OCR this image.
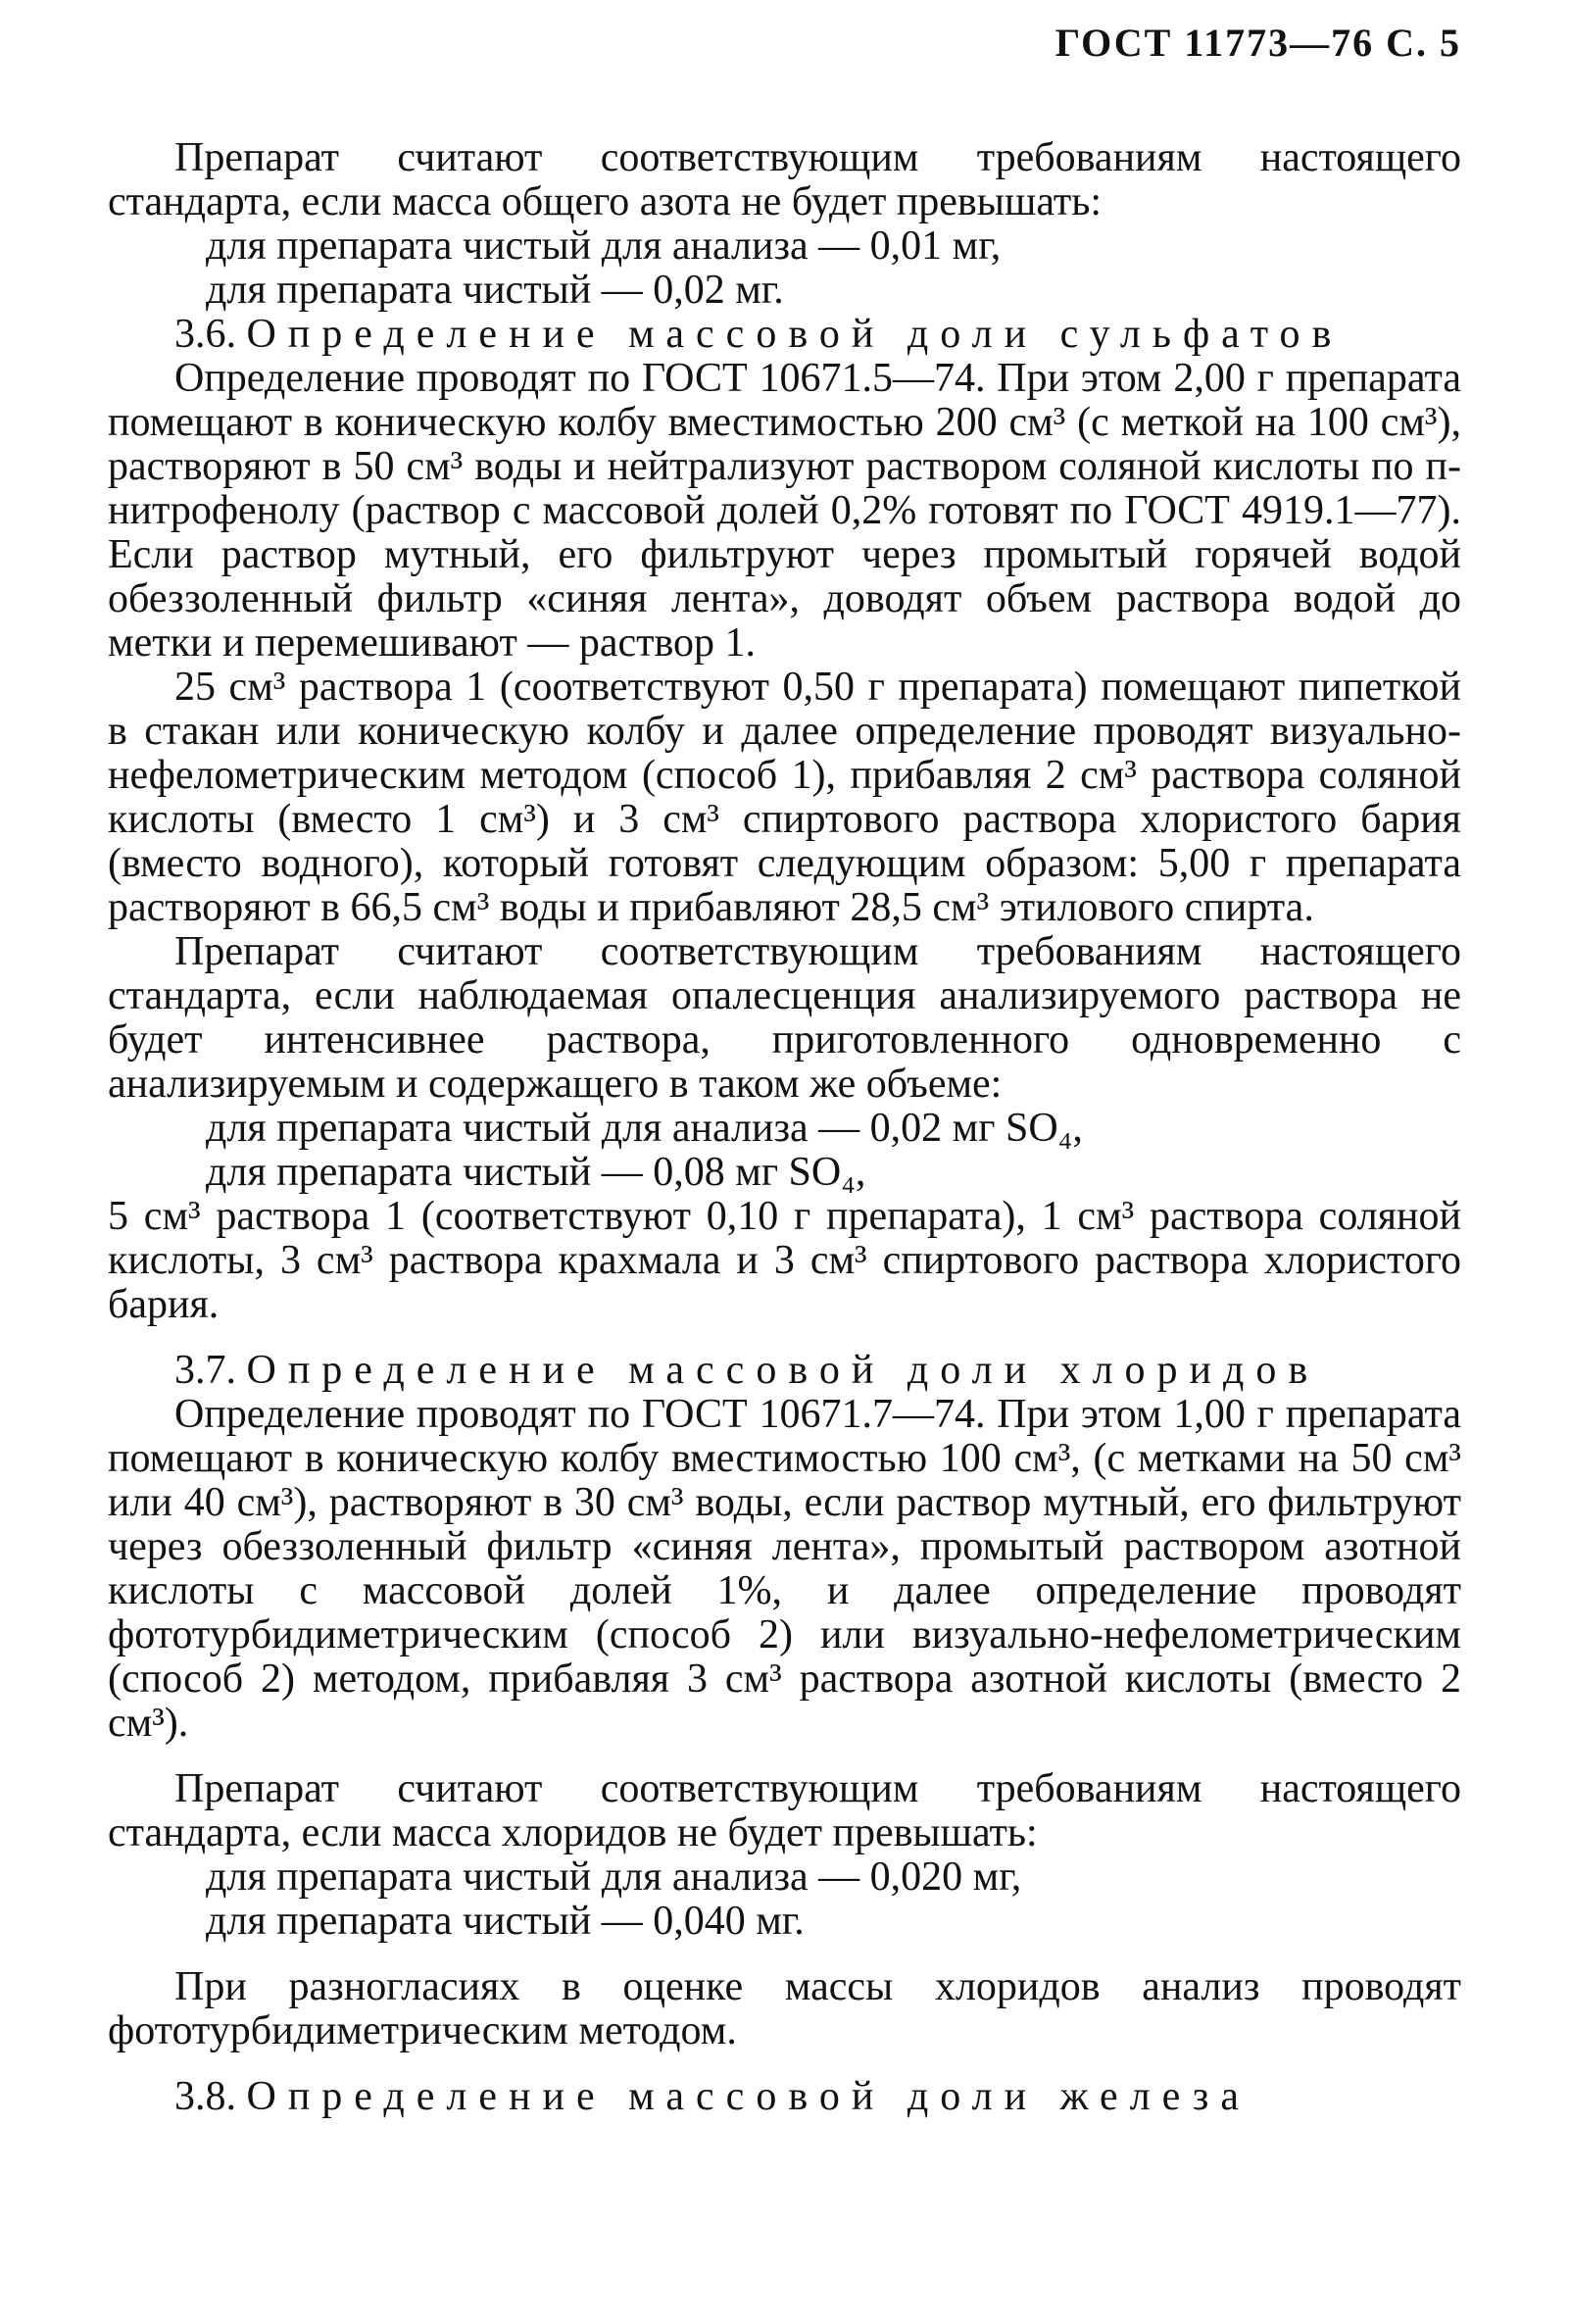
ГОСТ 11773—76 С. 5

Препарат считают соответствующим требованиям настоящего стандарта, если масса общего азота не будет превышать:

для препарата чистый для анализа — 0,01 мг,

для препарата чистый — 0,02 мг.

3.6. Определение массовой доли сульфатов

Определение проводят по ГОСТ 10671.5—74. При этом 2,00 г препарата помещают в коническую колбу вместимостью 200 см³ (с меткой на 100 см³), растворяют в 50 см³ воды и нейтрализуют раствором соляной кислоты по п-нитрофенолу (раствор с массовой долей 0,2% готовят по ГОСТ 4919.1—77). Если раствор мутный, его фильтруют через промытый горячей водой обеззоленный фильтр «синяя лента», доводят объем раствора водой до метки и перемешивают — раствор 1.

25 см³ раствора 1 (соответствуют 0,50 г препарата) помещают пипеткой в стакан или коническую колбу и далее определение проводят визуально-нефелометрическим методом (способ 1), прибавляя 2 см³ раствора соляной кислоты (вместо 1 см³) и 3 см³ спиртового раствора хлористого бария (вместо водного), который готовят следующим образом: 5,00 г препарата растворяют в 66,5 см³ воды и прибавляют 28,5 см³ этилового спирта.

Препарат считают соответствующим требованиям настоящего стандарта, если наблюдаемая опалесценция анализируемого раствора не будет интенсивнее раствора, приготовленного одновременно с анализируемым и содержащего в таком же объеме:

для препарата чистый для анализа — 0,02 мг SO₄,

для препарата чистый — 0,08 мг SO₄,

5 см³ раствора 1 (соответствуют 0,10 г препарата), 1 см³ раствора соляной кислоты, 3 см³ раствора крахмала и 3 см³ спиртового раствора хлористого бария.

3.7. Определение массовой доли хлоридов

Определение проводят по ГОСТ 10671.7—74. При этом 1,00 г препарата помещают в коническую колбу вместимостью 100 см³, (с метками на 50 см³ или 40 см³), растворяют в 30 см³ воды, если раствор мутный, его фильтруют через обеззоленный фильтр «синяя лента», промытый раствором азотной кислоты с массовой долей 1%, и далее определение проводят фототурбидиметрическим (способ 2) или визуально-нефелометрическим (способ 2) методом, прибавляя 3 см³ раствора азотной кислоты (вместо 2 см³).

Препарат считают соответствующим требованиям настоящего стандарта, если масса хлоридов не будет превышать:

для препарата чистый для анализа — 0,020 мг,

для препарата чистый — 0,040 мг.

При разногласиях в оценке массы хлоридов анализ проводят фототурбидиметрическим методом.

3.8. Определение массовой доли железа
